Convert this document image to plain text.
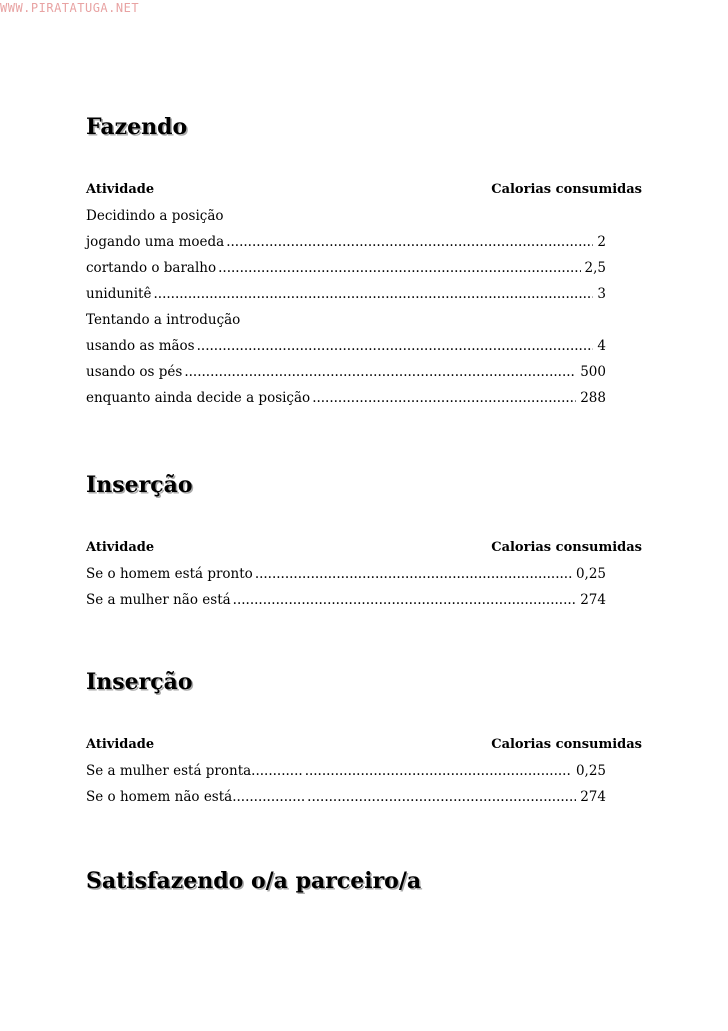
WWW.PIRATATUGA.NET
Fazendo
Atividade	Calorias consumidas
Decidindo a posição
jogando uma moeda .....	2
cortando o baralho .....	2,5
unidunitê .....	3
Tentando a introdução
usando as mãos .....	4
usando os pés .....	500
enquanto ainda decide a posição .....	288
Inserção
Atividade	Calorias consumidas
Se o homem está pronto .....	0,25
Se a mulher não está .....	274
Inserção
Atividade	Calorias consumidas
Se a mulher está pronta............ .....	0,25
Se o homem não está................. .....	274
Satisfazendo o/a parceiro/a
